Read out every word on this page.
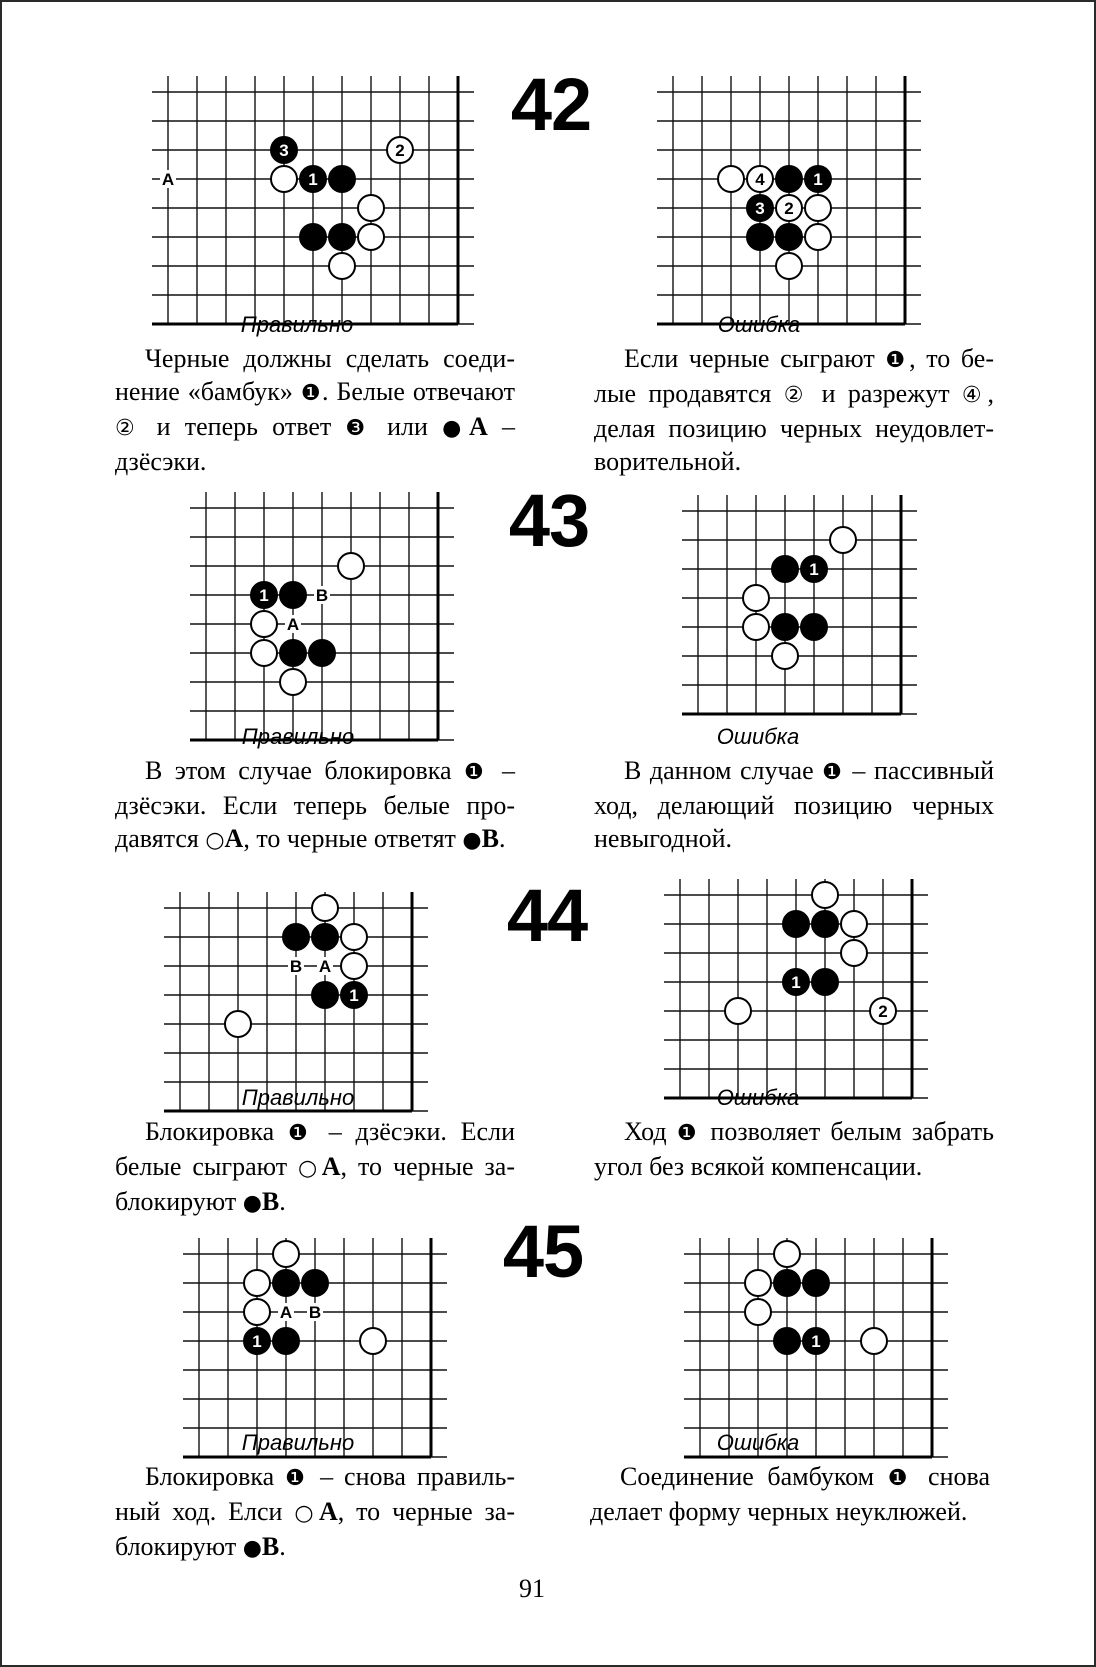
A
3	2
1
42
4	1
3 2
Правильно	Ошибка
Черные должны сделать соеди-
нение «бамбук» ❶. Белые отвечают
② и теперь ответ ❸ или ●A –
дзёсэки.
Если черные сыграют ❶, то бе-
лые продавятся ② и разрежут ④,
делая позицию черных неудовлет-
ворительной.
B
A
1
43
1
Правильно	Ошибка
В этом случае блокировка ❶ –
дзёсэки. Если теперь белые про-
давятся ○A, то черные ответят ●B.
В данном случае ❶ – пассивный
ход, делающий позицию черных
невыгодной.
B A
1
44
1
2
Правильно	Ошибка
Блокировка ❶ – дзёсэки. Если
белые сыграют ○A, то черные за-
блокируют ●B.
Ход ❶ позволяет белым забрать
угол без всякой компенсации.
A B
1
45
1
Правильно	Ошибка
Блокировка ❶ – снова правиль-
ный ход. Елси ○A, то черные за-
блокируют ●B.
Соединение бамбуком ❶ снова
делает форму черных неуклюжей.
91
